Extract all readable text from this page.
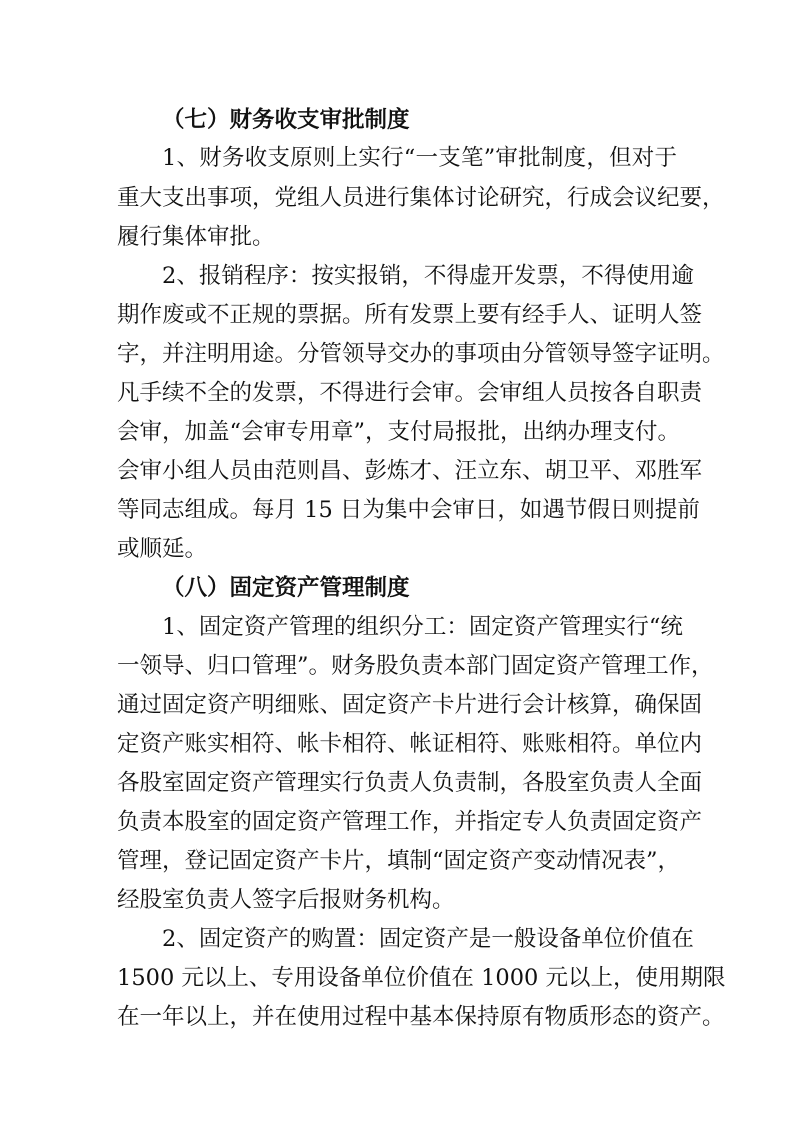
（七）财务收支审批制度
1、财务收支原则上实行“一支笔”审批制度，但对于
重大支出事项，党组人员进行集体讨论研究，行成会议纪要，
履行集体审批。
2、报销程序：按实报销，不得虚开发票，不得使用逾
期作废或不正规的票据。所有发票上要有经手人、证明人签
字，并注明用途。分管领导交办的事项由分管领导签字证明。
凡手续不全的发票，不得进行会审。会审组人员按各自职责
会审，加盖“会审专用章”，支付局报批，出纳办理支付。
会审小组人员由范则昌、彭炼才、汪立东、胡卫平、邓胜军
等同志组成。每月 15 日为集中会审日，如遇节假日则提前
或顺延。
（八）固定资产管理制度
1、固定资产管理的组织分工：固定资产管理实行“统
一领导、归口管理”。财务股负责本部门固定资产管理工作，
通过固定资产明细账、固定资产卡片进行会计核算，确保固
定资产账实相符、帐卡相符、帐证相符、账账相符。单位内
各股室固定资产管理实行负责人负责制，各股室负责人全面
负责本股室的固定资产管理工作，并指定专人负责固定资产
管理，登记固定资产卡片，填制“固定资产变动情况表”，
经股室负责人签字后报财务机构。
2、固定资产的购置：固定资产是一般设备单位价值在
1500 元以上、专用设备单位价值在 1000 元以上，使用期限
在一年以上，并在使用过程中基本保持原有物质形态的资产。
